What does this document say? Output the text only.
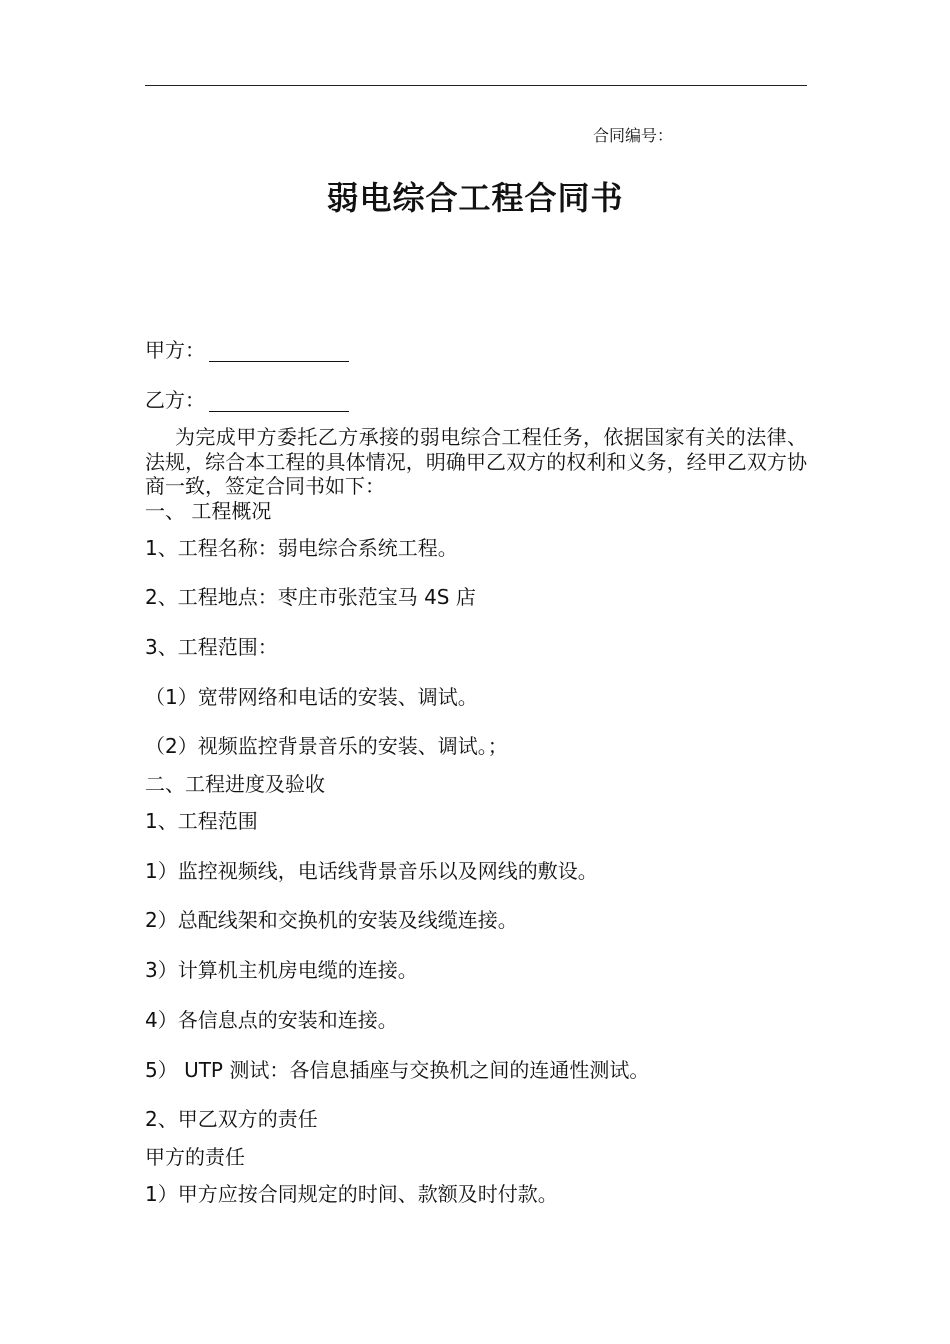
合同编号：
弱电综合工程合同书
甲方：
乙方：
为完成甲方委托乙方承接的弱电综合工程任务，依据国家有关的法律、法规，综合本工程的具体情况，明确甲乙双方的权利和义务，经甲乙双方协商一致，签定合同书如下：
一、 工程概况
1、工程名称：弱电综合系统工程。
2、工程地点：枣庄市张范宝马 4S 店
3、工程范围：
（1）宽带网络和电话的安装、调试。
（2）视频监控背景音乐的安装、调试。；
二、工程进度及验收
1、工程范围
1）监控视频线，电话线背景音乐以及网线的敷设。
2）总配线架和交换机的安装及线缆连接。
3）计算机主机房电缆的连接。
4）各信息点的安装和连接。
5） UTP 测试：各信息插座与交换机之间的连通性测试。
2、甲乙双方的责任
甲方的责任
1）甲方应按合同规定的时间、款额及时付款。
